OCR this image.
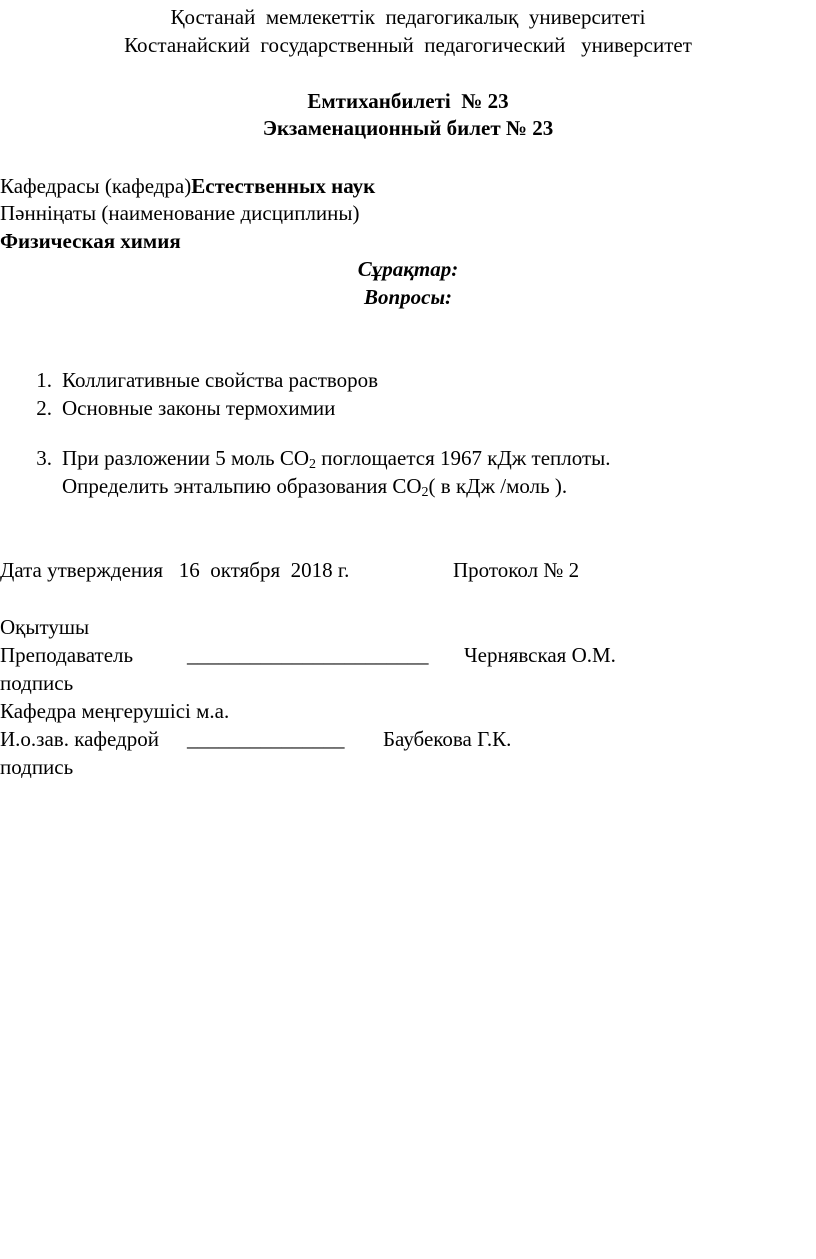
Қостанай  мемлекеттік  педагогикалық  университеті
Костанайский  государственный  педагогический   университет
Емтиханбилеті  № 23
Экзаменационный билет № 23
Кафедрасы (кафедра)Естественных наук
Пәнніңаты (наименование дисциплины)
Физическая химия
Сұрақтар:
Вопросы:
1. Коллигативные свойства растворов
2. Основные законы термохимии
3. При разложении 5 моль $СО_2$ поглощается 1967 кДж теплоты.
Определить энтальпию образования $СО_2$( в кДж /моль ).
Дата утверждения   16  октября  2018 г.	Протокол № 2
Оқытушы
Преподаватель	_______________________ Чернявская О.М.
подпись
Кафедра меңгерушісі м.а.
И.о.зав. кафедрой _______________ Баубекова Г.К.
подпись
